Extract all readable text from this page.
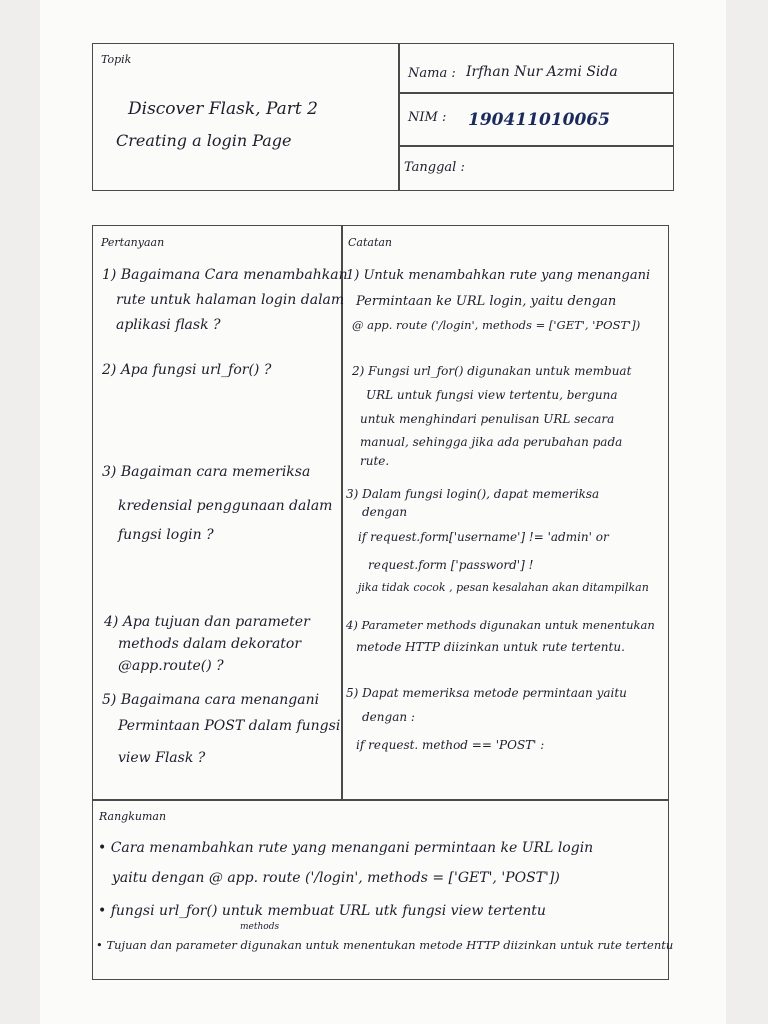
Topik
Discover Flask, Part 2
Creating a login Page
Nama : Irfhan Nur Azmi Sida
NIM : 190411010065
Tanggal :
Pertanyaan	Catatan
1) Bagaimana Cara menambahkan
rute untuk halaman login dalam
aplikasi flask ?
2) Apa fungsi url_for() ?
3) Bagaiman cara memeriksa
kredensial penggunaan dalam
fungsi login ?
4) Apa tujuan dan parameter
methods dalam dekorator
@app.route() ?
5) Bagaimana cara menangani
Permintaan POST dalam fungsi
view Flask ?
1) Untuk menambahkan rute yang menangani
Permintaan ke URL login, yaitu dengan
@ app. route ('/login', methods = ['GET', 'POST'])
2) Fungsi url_for() digunakan untuk membuat
URL untuk fungsi view tertentu, berguna
untuk menghindari penulisan URL secara
manual, sehingga jika ada perubahan pada
rute.
3) Dalam fungsi login(), dapat memeriksa
dengan
if request.form['username'] != 'admin' or
request.form ['password'] !
jika tidak cocok , pesan kesalahan akan ditampilkan
4) Parameter methods digunakan untuk menentukan
metode HTTP diizinkan untuk rute tertentu.
5) Dapat memeriksa metode permintaan yaitu
dengan :
if request. method == 'POST' :
Rangkuman
• Cara menambahkan rute yang menangani permintaan ke URL login
yaitu dengan @ app. route ('/login', methods = ['GET', 'POST'])
• fungsi url_for() untuk membuat URL utk fungsi view tertentu
methods
• Tujuan dan parameter digunakan untuk menentukan metode HTTP diizinkan untuk rute tertentu
